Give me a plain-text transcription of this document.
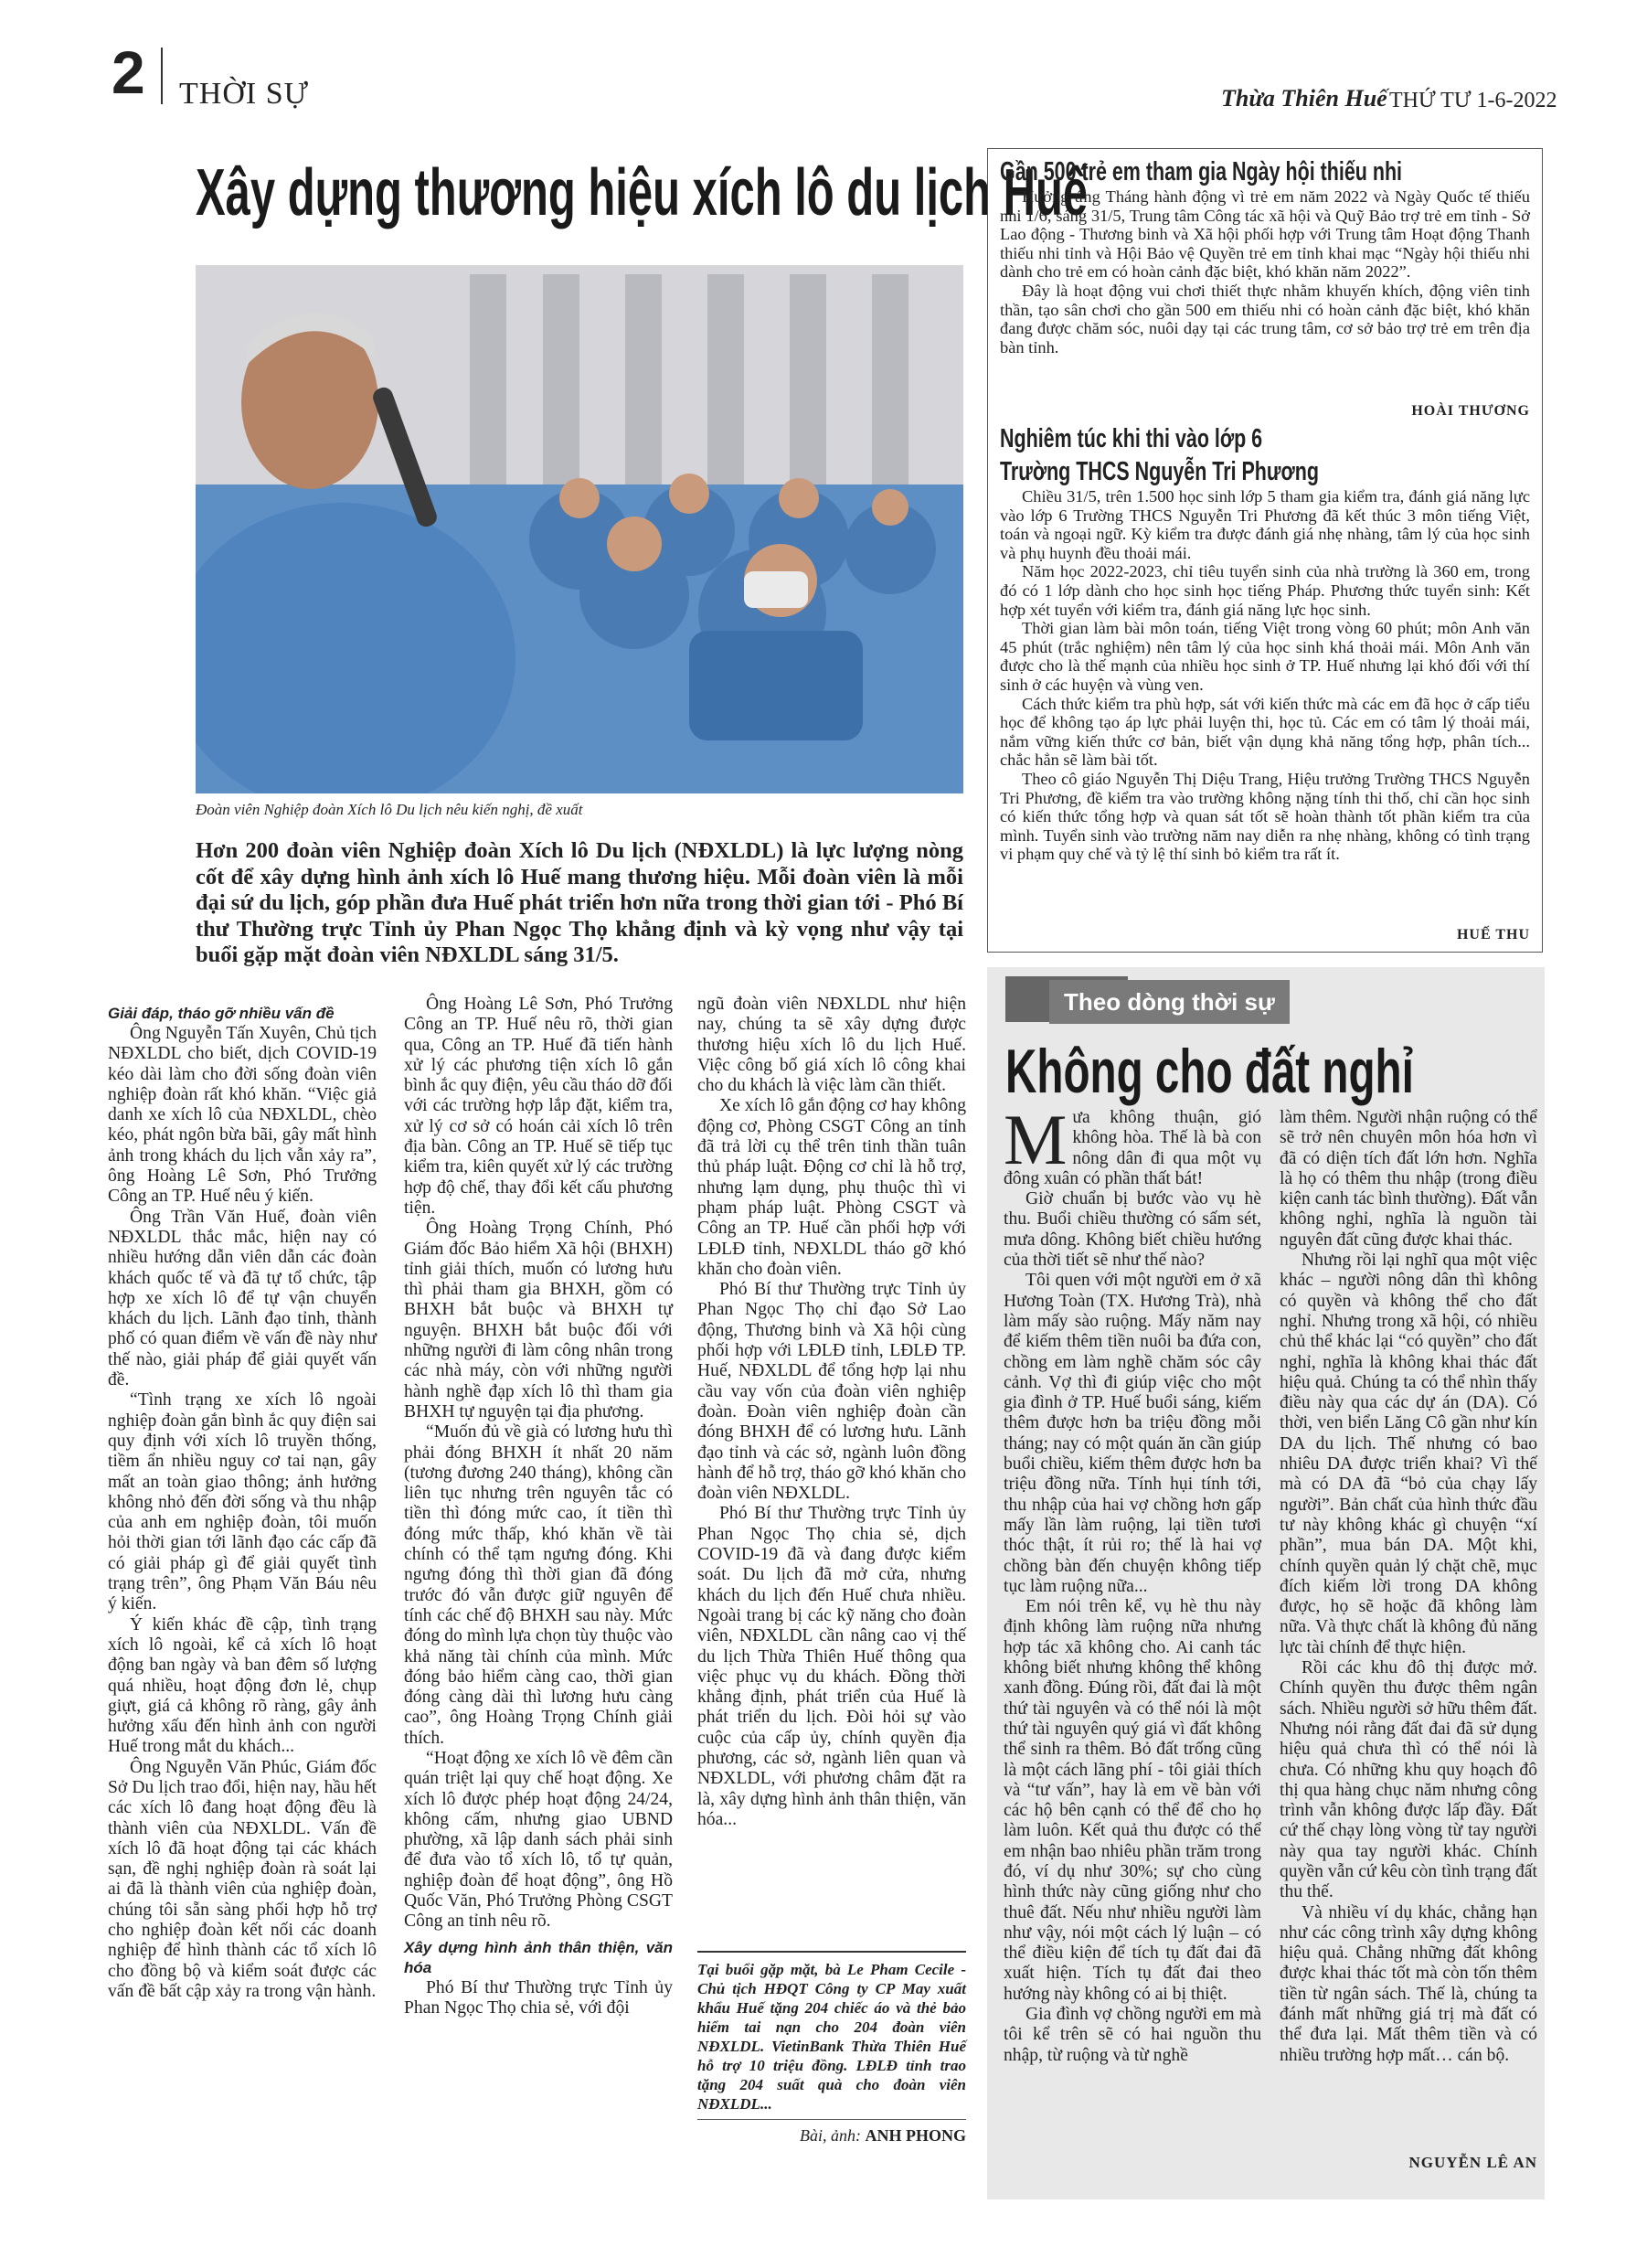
2 THỜI SỰ	Thừa Thiên Huế THỨ TƯ 1-6-2022
Xây dựng thương hiệu xích lô du lịch Huế
Đoàn viên Nghiệp đoàn Xích lô Du lịch nêu kiến nghị, đề xuất
Hơn 200 đoàn viên Nghiệp đoàn Xích lô Du lịch (NĐXLDL) là lực lượng nòng cốt để xây dựng hình ảnh xích lô Huế mang thương hiệu. Mỗi đoàn viên là mỗi đại sứ du lịch, góp phần đưa Huế phát triển hơn nữa trong thời gian tới - Phó Bí thư Thường trực Tỉnh ủy Phan Ngọc Thọ khẳng định và kỳ vọng như vậy tại buổi gặp mặt đoàn viên NĐXLDL sáng 31/5.

Giải đáp, tháo gỡ nhiều vấn đề

Ông Nguyễn Tấn Xuyên, Chủ tịch NĐXLDL cho biết, dịch COVID-19 kéo dài làm cho đời sống đoàn viên nghiệp đoàn rất khó khăn. “Việc giả danh xe xích lô của NĐXLDL, chèo kéo, phát ngôn bừa bãi, gây mất hình ảnh trong khách du lịch vẫn xảy ra”, ông Hoàng Lê Sơn, Phó Trưởng Công an TP. Huế nêu ý kiến.

Ông Trần Văn Huế, đoàn viên NĐXLDL thắc mắc, hiện nay có nhiều hướng dẫn viên dẫn các đoàn khách quốc tế và đã tự tổ chức, tập hợp xe xích lô để tự vận chuyển khách du lịch. Lãnh đạo tỉnh, thành phố có quan điểm về vấn đề này như thế nào, giải pháp để giải quyết vấn đề.

“Tình trạng xe xích lô ngoài nghiệp đoàn gắn bình ắc quy điện sai quy định với xích lô truyền thống, tiềm ẩn nhiều nguy cơ tai nạn, gây mất an toàn giao thông; ảnh hưởng không nhỏ đến đời sống và thu nhập của anh em nghiệp đoàn, tôi muốn hỏi thời gian tới lãnh đạo các cấp đã có giải pháp gì để giải quyết tình trạng trên”, ông Phạm Văn Báu nêu ý kiến.

Ý kiến khác đề cập, tình trạng xích lô ngoài, kể cả xích lô hoạt động ban ngày và ban đêm số lượng quá nhiều, hoạt động đơn lẻ, chụp giựt, giá cả không rõ ràng, gây ảnh hưởng xấu đến hình ảnh con người Huế trong mắt du khách...

Ông Nguyễn Văn Phúc, Giám đốc Sở Du lịch trao đổi, hiện nay, hầu hết các xích lô đang hoạt động đều là thành viên của NĐXLDL. Vấn đề xích lô đã hoạt động tại các khách sạn, đề nghị nghiệp đoàn rà soát lại ai đã là thành viên của nghiệp đoàn, chúng tôi sẵn sàng phối hợp hỗ trợ cho nghiệp đoàn kết nối các doanh nghiệp để hình thành các tổ xích lô cho đồng bộ và kiểm soát được các vấn đề bất cập xảy ra trong vận hành.

Ông Hoàng Lê Sơn, Phó Trưởng Công an TP. Huế nêu rõ, thời gian qua, Công an TP. Huế đã tiến hành xử lý các phương tiện xích lô gắn bình ắc quy điện, yêu cầu tháo dỡ đối với các trường hợp lắp đặt, kiểm tra, xử lý cơ sở có hoán cải xích lô trên địa bàn. Công an TP. Huế sẽ tiếp tục kiểm tra, kiên quyết xử lý các trường hợp độ chế, thay đổi kết cấu phương tiện.

Ông Hoàng Trọng Chính, Phó Giám đốc Bảo hiểm Xã hội (BHXH) tỉnh giải thích, muốn có lương hưu thì phải tham gia BHXH, gồm có BHXH bắt buộc và BHXH tự nguyện. BHXH bắt buộc đối với những người đi làm công nhân trong các nhà máy, còn với những người hành nghề đạp xích lô thì tham gia BHXH tự nguyện tại địa phương.

“Muốn đủ về già có lương hưu thì phải đóng BHXH ít nhất 20 năm (tương đương 240 tháng), không cần liên tục nhưng trên nguyên tắc có tiền thì đóng mức cao, ít tiền thì đóng mức thấp, khó khăn về tài chính có thể tạm ngưng đóng. Khi ngưng đóng thì thời gian đã đóng trước đó vẫn được giữ nguyên để tính các chế độ BHXH sau này. Mức đóng do mình lựa chọn tùy thuộc vào khả năng tài chính của mình. Mức đóng bảo hiểm càng cao, thời gian đóng càng dài thì lương hưu càng cao”, ông Hoàng Trọng Chính giải thích.

“Hoạt động xe xích lô về đêm cần quán triệt lại quy chế hoạt động. Xe xích lô được phép hoạt động 24/24, không cấm, nhưng giao UBND phường, xã lập danh sách phải sinh để đưa vào tổ xích lô, tổ tự quản, nghiệp đoàn để hoạt động”, ông Hồ Quốc Văn, Phó Trưởng Phòng CSGT Công an tỉnh nêu rõ.

Xây dựng hình ảnh thân thiện, văn hóa

Phó Bí thư Thường trực Tỉnh ủy Phan Ngọc Thọ chia sẻ, với đội

ngũ đoàn viên NĐXLDL như hiện nay, chúng ta sẽ xây dựng được thương hiệu xích lô du lịch Huế. Việc công bố giá xích lô công khai cho du khách là việc làm cần thiết.

Xe xích lô gắn động cơ hay không động cơ, Phòng CSGT Công an tỉnh đã trả lời cụ thể trên tinh thần tuân thủ pháp luật. Động cơ chỉ là hỗ trợ, nhưng lạm dụng, phụ thuộc thì vi phạm pháp luật. Phòng CSGT và Công an TP. Huế cần phối hợp với LĐLĐ tỉnh, NĐXLDL tháo gỡ khó khăn cho đoàn viên.

Phó Bí thư Thường trực Tỉnh ủy Phan Ngọc Thọ chỉ đạo Sở Lao động, Thương binh và Xã hội cùng phối hợp với LĐLĐ tỉnh, LĐLĐ TP. Huế, NĐXLDL để tổng hợp lại nhu cầu vay vốn của đoàn viên nghiệp đoàn. Đoàn viên nghiệp đoàn cần đóng BHXH để có lương hưu. Lãnh đạo tỉnh và các sở, ngành luôn đồng hành để hỗ trợ, tháo gỡ khó khăn cho đoàn viên NĐXLDL.

Phó Bí thư Thường trực Tỉnh ủy Phan Ngọc Thọ chia sẻ, dịch COVID-19 đã và đang được kiểm soát. Du lịch đã mở cửa, nhưng khách du lịch đến Huế chưa nhiều. Ngoài trang bị các kỹ năng cho đoàn viên, NĐXLDL cần nâng cao vị thế du lịch Thừa Thiên Huế thông qua việc phục vụ du khách. Đồng thời khẳng định, phát triển của Huế là phát triển du lịch. Đòi hỏi sự vào cuộc của cấp ủy, chính quyền địa phương, các sở, ngành liên quan và NĐXLDL, với phương châm đặt ra là, xây dựng hình ảnh thân thiện, văn hóa...

Tại buổi gặp mặt, bà Le Pham Cecile - Chủ tịch HĐQT Công ty CP May xuất khẩu Huế tặng 204 chiếc áo và thẻ bảo hiểm tai nạn cho 204 đoàn viên NĐXLDL. VietinBank Thừa Thiên Huế hỗ trợ 10 triệu đồng. LĐLĐ tỉnh trao tặng 204 suất quà cho đoàn viên NĐXLDL...
Bài, ảnh: ANH PHONG
Gần 500 trẻ em tham gia Ngày hội thiếu nhi

Hưởng ứng Tháng hành động vì trẻ em năm 2022 và Ngày Quốc tế thiếu nhi 1/6, sáng 31/5, Trung tâm Công tác xã hội và Quỹ Bảo trợ trẻ em tỉnh - Sở Lao động - Thương binh và Xã hội phối hợp với Trung tâm Hoạt động Thanh thiếu nhi tỉnh và Hội Bảo vệ Quyền trẻ em tỉnh khai mạc “Ngày hội thiếu nhi dành cho trẻ em có hoàn cảnh đặc biệt, khó khăn năm 2022”.

Đây là hoạt động vui chơi thiết thực nhằm khuyến khích, động viên tinh thần, tạo sân chơi cho gần 500 em thiếu nhi có hoàn cảnh đặc biệt, khó khăn đang được chăm sóc, nuôi dạy tại các trung tâm, cơ sở bảo trợ trẻ em trên địa bàn tỉnh.

HOÀI THƯƠNG
Nghiêm túc khi thi vào lớp 6
Trường THCS Nguyễn Tri Phương

Chiều 31/5, trên 1.500 học sinh lớp 5 tham gia kiểm tra, đánh giá năng lực vào lớp 6 Trường THCS Nguyễn Tri Phương đã kết thúc 3 môn tiếng Việt, toán và ngoại ngữ. Kỳ kiểm tra được đánh giá nhẹ nhàng, tâm lý của học sinh và phụ huynh đều thoải mái.

Năm học 2022-2023, chỉ tiêu tuyển sinh của nhà trường là 360 em, trong đó có 1 lớp dành cho học sinh học tiếng Pháp. Phương thức tuyển sinh: Kết hợp xét tuyển với kiểm tra, đánh giá năng lực học sinh.

Thời gian làm bài môn toán, tiếng Việt trong vòng 60 phút; môn Anh văn 45 phút (trắc nghiệm) nên tâm lý của học sinh khá thoải mái. Môn Anh văn được cho là thế mạnh của nhiều học sinh ở TP. Huế nhưng lại khó đối với thí sinh ở các huyện và vùng ven.

Cách thức kiểm tra phù hợp, sát với kiến thức mà các em đã học ở cấp tiểu học để không tạo áp lực phải luyện thi, học tủ. Các em có tâm lý thoải mái, nắm vững kiến thức cơ bản, biết vận dụng khả năng tổng hợp, phân tích... chắc hẳn sẽ làm bài tốt.

Theo cô giáo Nguyễn Thị Diệu Trang, Hiệu trưởng Trường THCS Nguyễn Tri Phương, đề kiểm tra vào trường không nặng tính thi thố, chỉ cần học sinh có kiến thức tổng hợp và quan sát tốt sẽ hoàn thành tốt phần kiểm tra của mình. Tuyển sinh vào trường năm nay diễn ra nhẹ nhàng, không có tình trạng vi phạm quy chế và tỷ lệ thí sinh bỏ kiểm tra rất ít.

HUẾ THU
Theo dòng thời sự
Không cho đất nghỉ

Mưa không thuận, gió không hòa. Thế là bà con nông dân đi qua một vụ đông xuân có phần thất bát!

Giờ chuẩn bị bước vào vụ hè thu. Buổi chiều thường có sấm sét, mưa dông. Không biết chiều hướng của thời tiết sẽ như thế nào?

Tôi quen với một người em ở xã Hương Toàn (TX. Hương Trà), nhà làm mấy sào ruộng. Mấy năm nay để kiếm thêm tiền nuôi ba đứa con, chồng em làm nghề chăm sóc cây cảnh. Vợ thì đi giúp việc cho một gia đình ở TP. Huế buổi sáng, kiếm thêm được hơn ba triệu đồng mỗi tháng; nay có một quán ăn cần giúp buổi chiều, kiếm thêm được hơn ba triệu đồng nữa. Tính hụi tính tới, thu nhập của hai vợ chồng hơn gấp mấy lần làm ruộng, lại tiền tươi thóc thật, ít rủi ro; thế là hai vợ chồng bàn đến chuyện không tiếp tục làm ruộng nữa...

Em nói trên kể, vụ hè thu này định không làm ruộng nữa nhưng hợp tác xã không cho. Ai canh tác không biết nhưng không thể không xanh đồng. Đúng rồi, đất đai là một thứ tài nguyên và có thể nói là một thứ tài nguyên quý giá vì đất không thể sinh ra thêm. Bỏ đất trống cũng là một cách lãng phí - tôi giải thích và “tư vấn”, hay là em về bàn với các hộ bên cạnh có thể để cho họ làm luôn. Kết quả thu được có thể em nhận bao nhiêu phần trăm trong đó, ví dụ như 30%; sự cho cùng hình thức này cũng giống như cho thuê đất. Nếu như nhiều người làm như vậy, nói một cách lý luận – có thể điều kiện để tích tụ đất đai đã xuất hiện. Tích tụ đất đai theo hướng này không có ai bị thiệt.

Gia đình vợ chồng người em mà tôi kể trên sẽ có hai nguồn thu nhập, từ ruộng và từ nghề

làm thêm. Người nhận ruộng có thể sẽ trở nên chuyên môn hóa hơn vì đã có diện tích đất lớn hơn. Nghĩa là họ có thêm thu nhập (trong điều kiện canh tác bình thường). Đất vẫn không nghỉ, nghĩa là nguồn tài nguyên đất cũng được khai thác.

Nhưng rồi lại nghĩ qua một việc khác – người nông dân thì không có quyền và không thể cho đất nghỉ. Nhưng trong xã hội, có nhiều chủ thể khác lại “có quyền” cho đất nghỉ, nghĩa là không khai thác đất hiệu quả. Chúng ta có thể nhìn thấy điều này qua các dự án (DA). Có thời, ven biển Lăng Cô gần như kín DA du lịch. Thế nhưng có bao nhiêu DA được triển khai? Vì thế mà có DA đã “bỏ của chạy lấy người”. Bản chất của hình thức đầu tư này không khác gì chuyện “xí phần”, mua bán DA. Một khi, chính quyền quản lý chặt chẽ, mục đích kiếm lời trong DA không được, họ sẽ hoặc đã không làm nữa. Và thực chất là không đủ năng lực tài chính để thực hiện.

Rồi các khu đô thị được mở. Chính quyền thu được thêm ngân sách. Nhiều người sở hữu thêm đất. Nhưng nói rằng đất đai đã sử dụng hiệu quả chưa thì có thể nói là chưa. Có những khu quy hoạch đô thị qua hàng chục năm nhưng công trình vẫn không được lấp đầy. Đất cứ thế chạy lòng vòng từ tay người này qua tay người khác. Chính quyền vẫn cứ kêu còn tình trạng đất thu thế.

Và nhiều ví dụ khác, chẳng hạn như các công trình xây dựng không hiệu quả. Chẳng những đất không được khai thác tốt mà còn tốn thêm tiền từ ngân sách. Thế là, chúng ta đánh mất những giá trị mà đất có thể đưa lại. Mất thêm tiền và có nhiều trường hợp mất… cán bộ.

NGUYỄN LÊ AN
